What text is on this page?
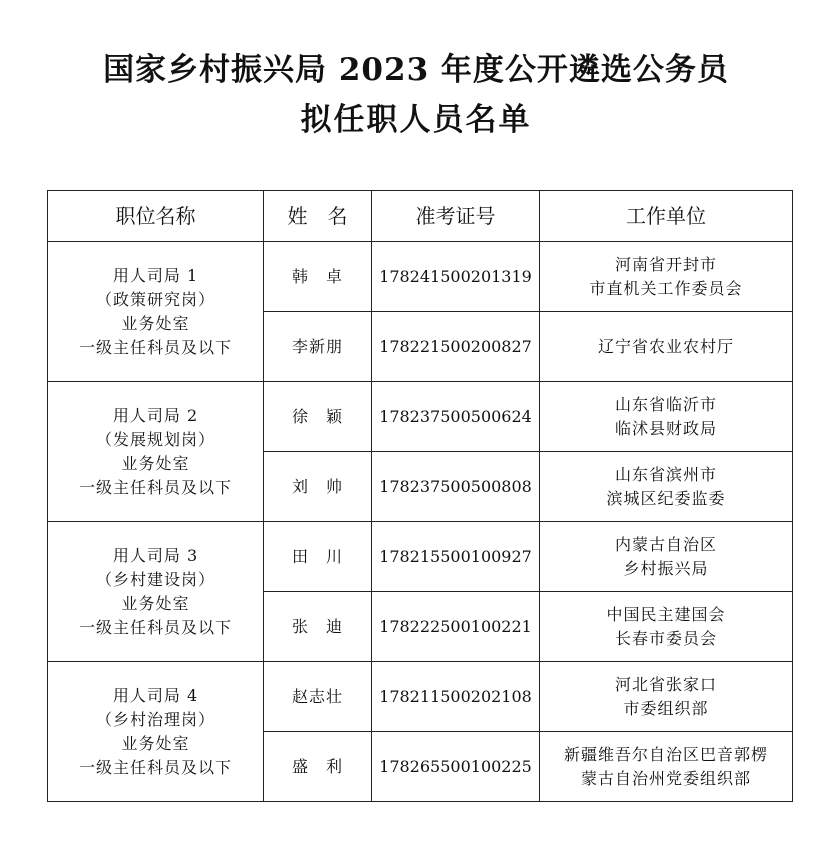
国家乡村振兴局 2023 年度公开遴选公务员
拟任职人员名单
职位名称	姓　名	准考证号	工作单位

用人司局 1
（政策研究岗）
业务处室
一级主任科员及以下	韩　卓	17824150020131​9	河南省开封市
市直机关工作委员会

	李新朋	178221500200827	辽宁省农业农村厅

用人司局 2
（发展规划岗）
业务处室
一级主任科员及以下	徐　颖	178237500500624	山东省临沂市
临沭县财政局

	刘　帅	178237500500808	山东省滨州市
滨城区纪委监委

用人司局 3
（乡村建设岗）
业务处室
一级主任科员及以下	田　川	178215500100927	内蒙古自治区
乡村振兴局

	张　迪	178222500100221	中国民主建国会
长春市委员会

用人司局 4
（乡村治理岗）
业务处室
一级主任科员及以下	赵志壮	178211500202108	河北省张家口
市委组织部

	盛　利	178265500100225	新疆维吾尔自治区巴音郭楞
蒙古自治州党委组织部
